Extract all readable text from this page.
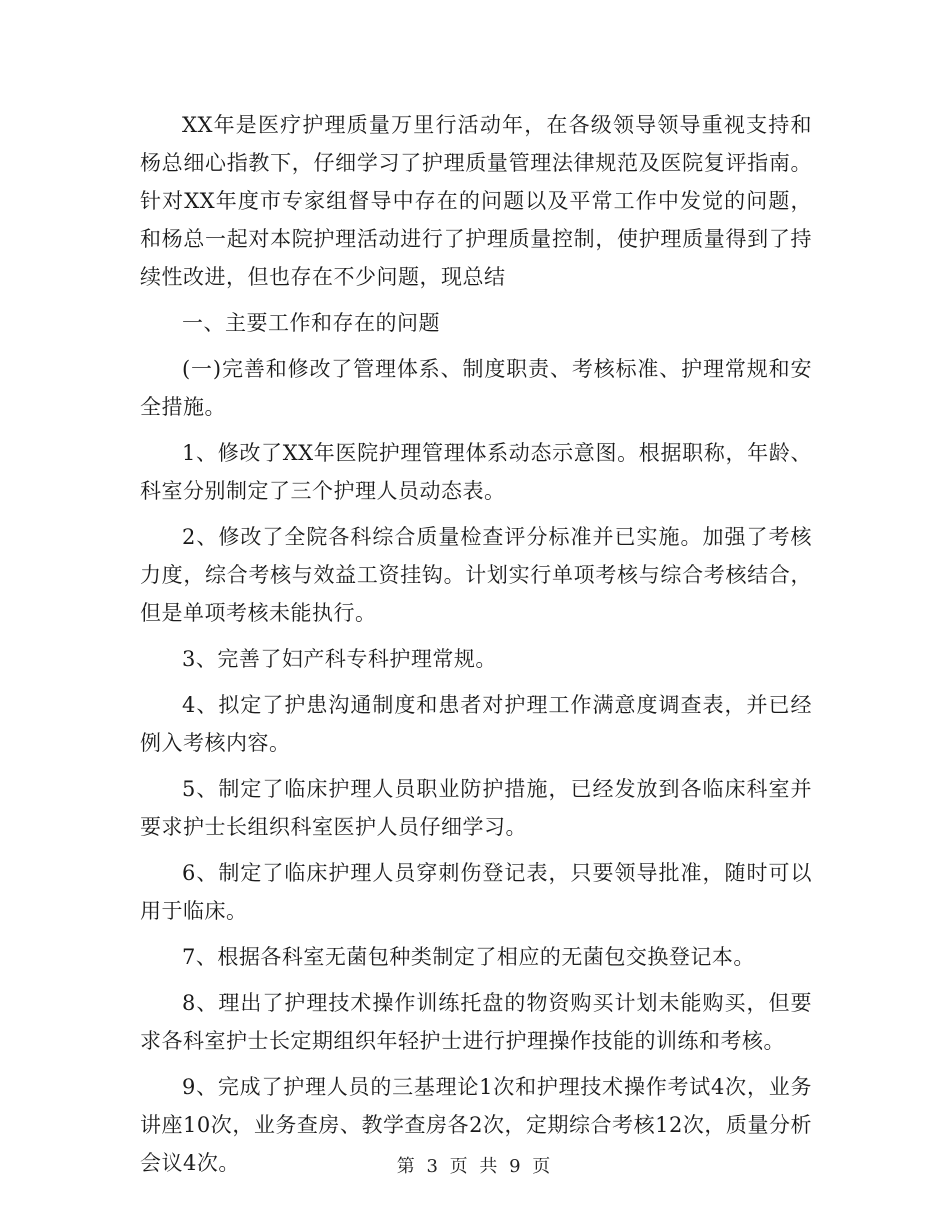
XX年是医疗护理质量万里行活动年，在各级领导领导重视支持和杨总细心指教下，仔细学习了护理质量管理法律规范及医院复评指南。针对XX年度市专家组督导中存在的问题以及平常工作中发觉的问题，和杨总一起对本院护理活动进行了护理质量控制，使护理质量得到了持续性改进，但也存在不少问题，现总结

一、主要工作和存在的问题

(一)完善和修改了管理体系、制度职责、考核标准、护理常规和安全措施。

1、修改了XX年医院护理管理体系动态示意图。根据职称，年龄、科室分别制定了三个护理人员动态表。

2、修改了全院各科综合质量检查评分标准并已实施。加强了考核力度，综合考核与效益工资挂钩。计划实行单项考核与综合考核结合，但是单项考核未能执行。

3、完善了妇产科专科护理常规。

4、拟定了护患沟通制度和患者对护理工作满意度调查表，并已经例入考核内容。

5、制定了临床护理人员职业防护措施，已经发放到各临床科室并要求护士长组织科室医护人员仔细学习。

6、制定了临床护理人员穿刺伤登记表，只要领导批准，随时可以用于临床。

7、根据各科室无菌包种类制定了相应的无菌包交换登记本。

8、理出了护理技术操作训练托盘的物资购买计划未能购买，但要求各科室护士长定期组织年轻护士进行护理操作技能的训练和考核。

9、完成了护理人员的三基理论1次和护理技术操作考试4次，业务讲座10次，业务查房、教学查房各2次，定期综合考核12次，质量分析会议4次。	第 3 页 共 9 页
